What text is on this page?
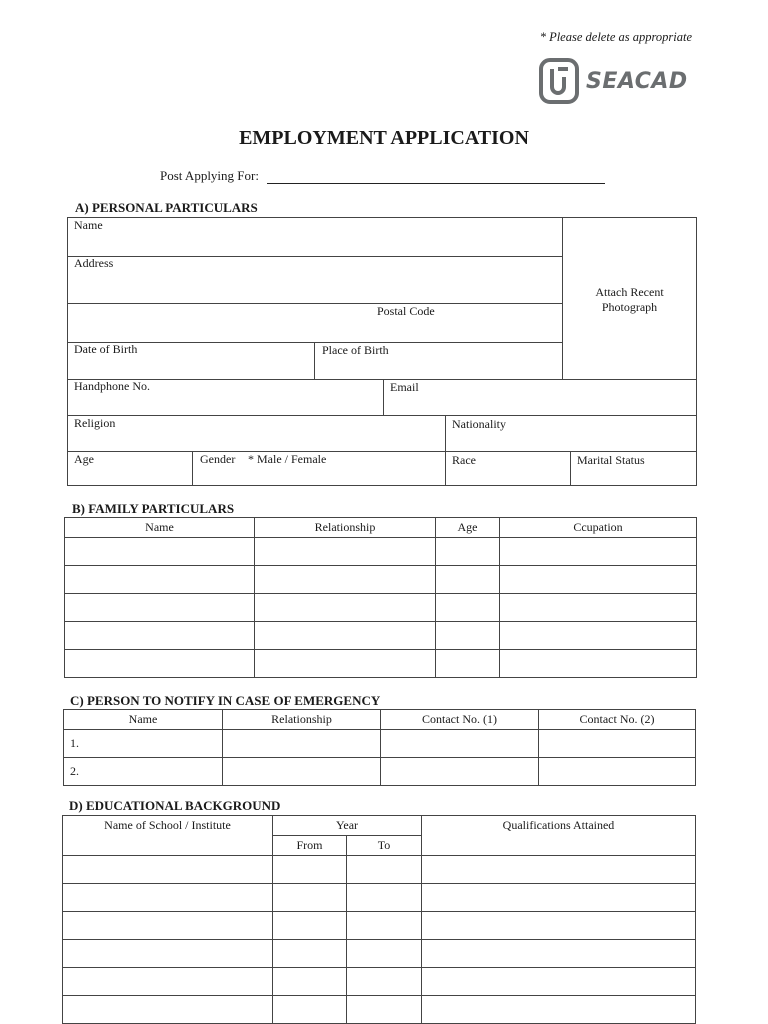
* Please delete as appropriate
SEACAD
EMPLOYMENT APPLICATION
Post Applying For:
A) PERSONAL PARTICULARS
Name
Address
Postal Code
Attach Recent
Photograph
Date of Birth	Place of Birth
Handphone No.	Email
Religion	Nationality
Age	Gender * Male / Female	Race	Marital Status
B) FAMILY PARTICULARS
Name	Relationship	Age	Ccupation

C) PERSON TO NOTIFY IN CASE OF EMERGENCY
Name	Relationship	Contact No. (1)	Contact No. (2)
1.			
2.			
D) EDUCATIONAL BACKGROUND
Name of School / Institute	Year		Qualifications Attained
	From	To	
